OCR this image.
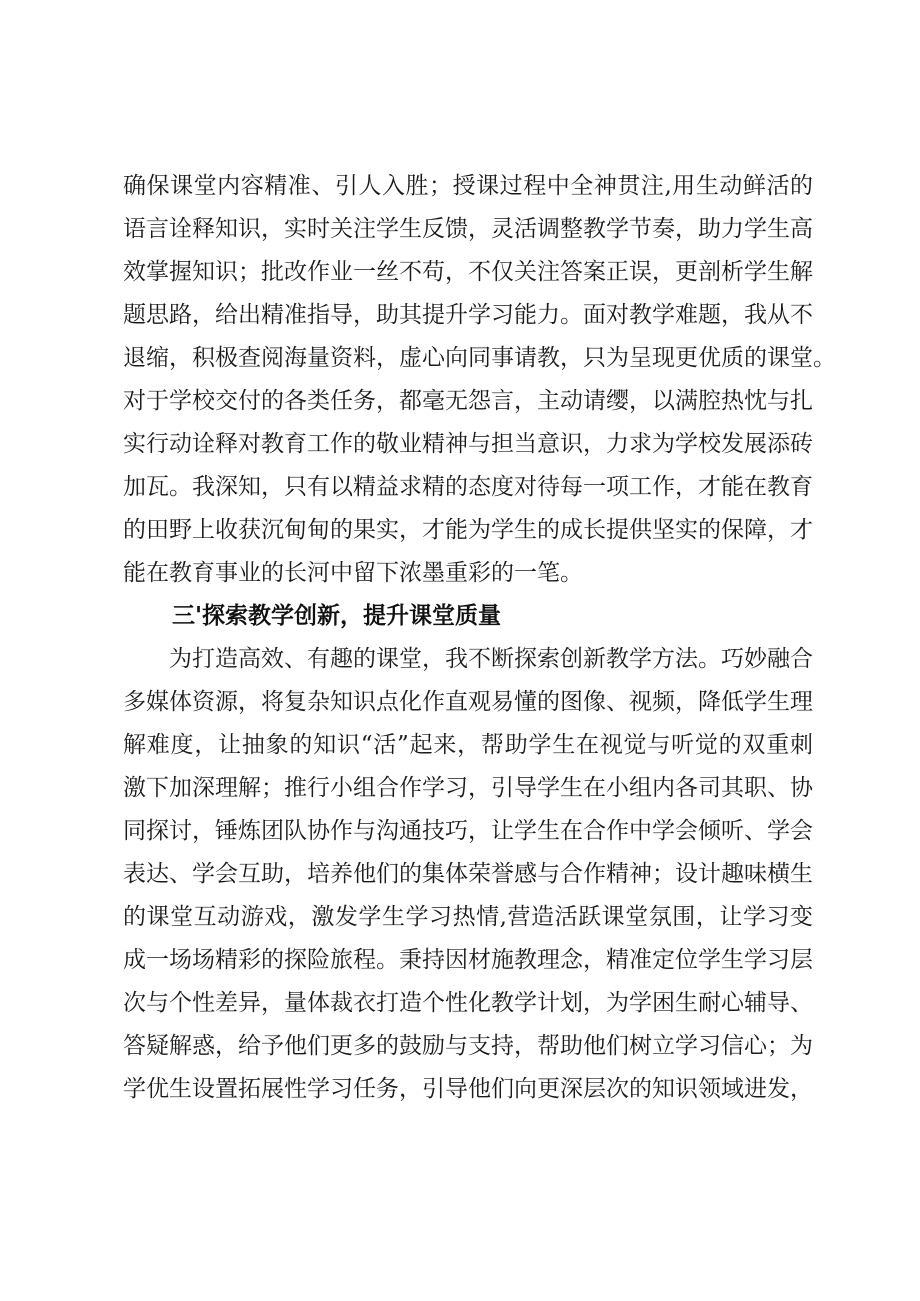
确保课堂内容精准、引人入胜；授课过程中全神贯注,用生动鲜活的
语言诠释知识，实时关注学生反馈，灵活调整教学节奏，助力学生高
效掌握知识；批改作业一丝不苟，不仅关注答案正误，更剖析学生解
题思路，给出精准指导，助其提升学习能力。面对教学难题，我从不
退缩，积极查阅海量资料，虚心向同事请教，只为呈现更优质的课堂。
对于学校交付的各类任务，都毫无怨言，主动请缨，以满腔热忱与扎
实行动诠释对教育工作的敬业精神与担当意识，力求为学校发展添砖
加瓦。我深知，只有以精益求精的态度对待每一项工作，才能在教育
的田野上收获沉甸甸的果实，才能为学生的成长提供坚实的保障，才
能在教育事业的长河中留下浓墨重彩的一笔。
三'探索教学创新，提升课堂质量
为打造高效、有趣的课堂，我不断探索创新教学方法。巧妙融合
多媒体资源，将复杂知识点化作直观易懂的图像、视频，降低学生理
解难度，让抽象的知识“活”起来，帮助学生在视觉与听觉的双重刺
激下加深理解；推行小组合作学习，引导学生在小组内各司其职、协
同探讨，锤炼团队协作与沟通技巧，让学生在合作中学会倾听、学会
表达、学会互助，培养他们的集体荣誉感与合作精神；设计趣味横生
的课堂互动游戏，激发学生学习热情,营造活跃课堂氛围，让学习变
成一场场精彩的探险旅程。秉持因材施教理念，精准定位学生学习层
次与个性差异，量体裁衣打造个性化教学计划，为学困生耐心辅导、
答疑解惑，给予他们更多的鼓励与支持，帮助他们树立学习信心；为
学优生设置拓展性学习任务，引导他们向更深层次的知识领域进发，
